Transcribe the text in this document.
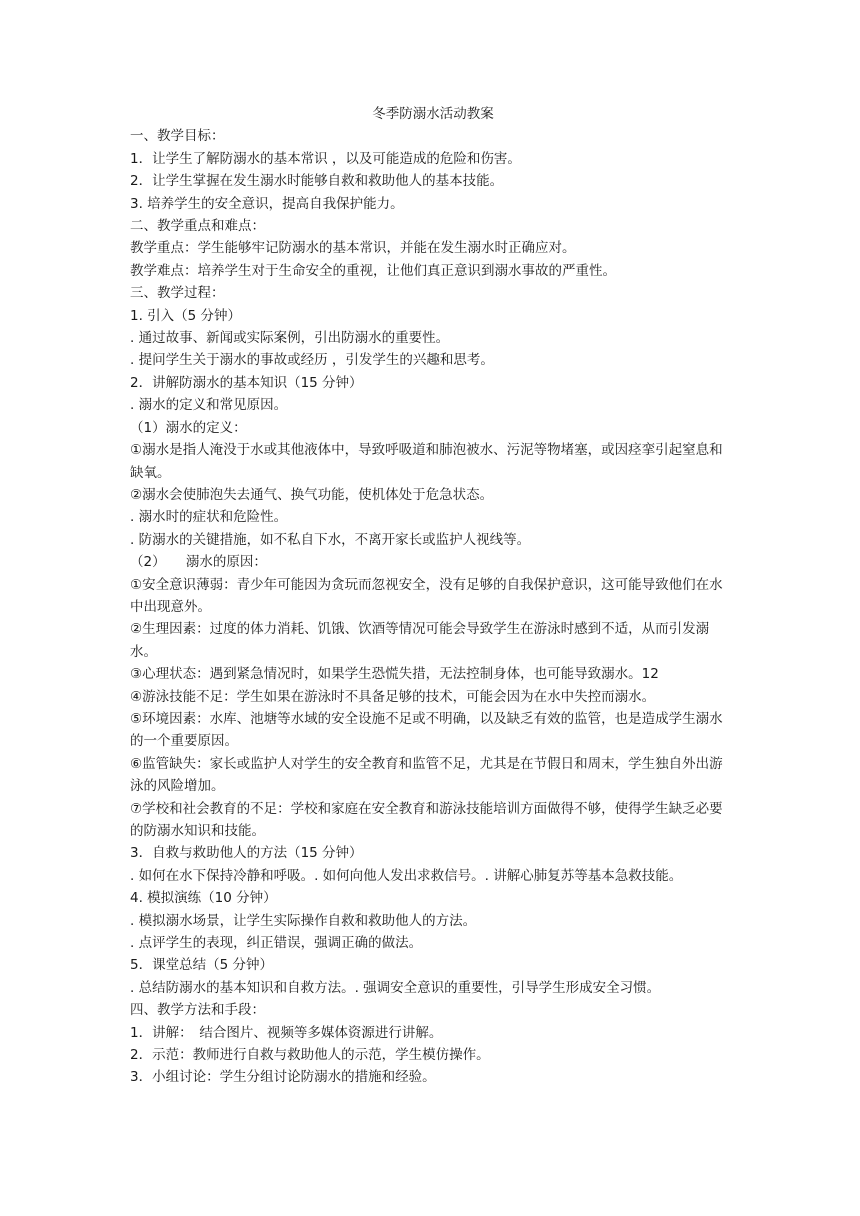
冬季防溺水活动教案

一、教学目标：

1．让学生了解防溺水的基本常识 ，以及可能造成的危险和伤害。

2．让学生掌握在发生溺水时能够自救和救助他人的基本技能。

3. 培养学生的安全意识，提高自我保护能力。

二、教学重点和难点：

教学重点：学生能够牢记防溺水的基本常识，并能在发生溺水时正确应对。

教学难点：培养学生对于生命安全的重视，让他们真正意识到溺水事故的严重性。

三、教学过程：

1. 引入（5 分钟）

. 通过故事、新闻或实际案例，引出防溺水的重要性。

. 提问学生关于溺水的事故或经历 ，引发学生的兴趣和思考。

2．讲解防溺水的基本知识（15 分钟）

. 溺水的定义和常见原因。

（1）溺水的定义：

①溺水是指人淹没于水或其他液体中，导致呼吸道和肺泡被水、污泥等物堵塞，或因痉挛引起窒息和缺氧。

②溺水会使肺泡失去通气、换气功能，使机体处于危急状态。

. 溺水时的症状和危险性。

. 防溺水的关键措施，如不私自下水，不离开家长或监护人视线等。

（2）　　溺水的原因：

①安全意识薄弱：青少年可能因为贪玩而忽视安全，没有足够的自我保护意识，这可能导致他们在水中出现意外。

②生理因素：过度的体力消耗、饥饿、饮酒等情况可能会导致学生在游泳时感到不适，从而引发溺水。

③心理状态：遇到紧急情况时，如果学生恐慌失措，无法控制身体，也可能导致溺水。12

④游泳技能不足：学生如果在游泳时不具备足够的技术，可能会因为在水中失控而溺水。

⑤环境因素：水库、池塘等水域的安全设施不足或不明确，以及缺乏有效的监管，也是造成学生溺水的一个重要原因。

⑥监管缺失：家长或监护人对学生的安全教育和监管不足，尤其是在节假日和周末，学生独自外出游泳的风险增加。

⑦学校和社会教育的不足：学校和家庭在安全教育和游泳技能培训方面做得不够，使得学生缺乏必要的防溺水知识和技能。

3．自救与救助他人的方法（15 分钟）

. 如何在水下保持冷静和呼吸。. 如何向他人发出求救信号。. 讲解心肺复苏等基本急救技能。

4. 模拟演练（10 分钟）

. 模拟溺水场景，让学生实际操作自救和救助他人的方法。

. 点评学生的表现，纠正错误，强调正确的做法。

5．课堂总结（5 分钟）

. 总结防溺水的基本知识和自救方法。. 强调安全意识的重要性，引导学生形成安全习惯。

四、教学方法和手段：

1．讲解：　结合图片、视频等多媒体资源进行讲解。

2．示范：教师进行自救与救助他人的示范，学生模仿操作。

3．小组讨论：学生分组讨论防溺水的措施和经验。
